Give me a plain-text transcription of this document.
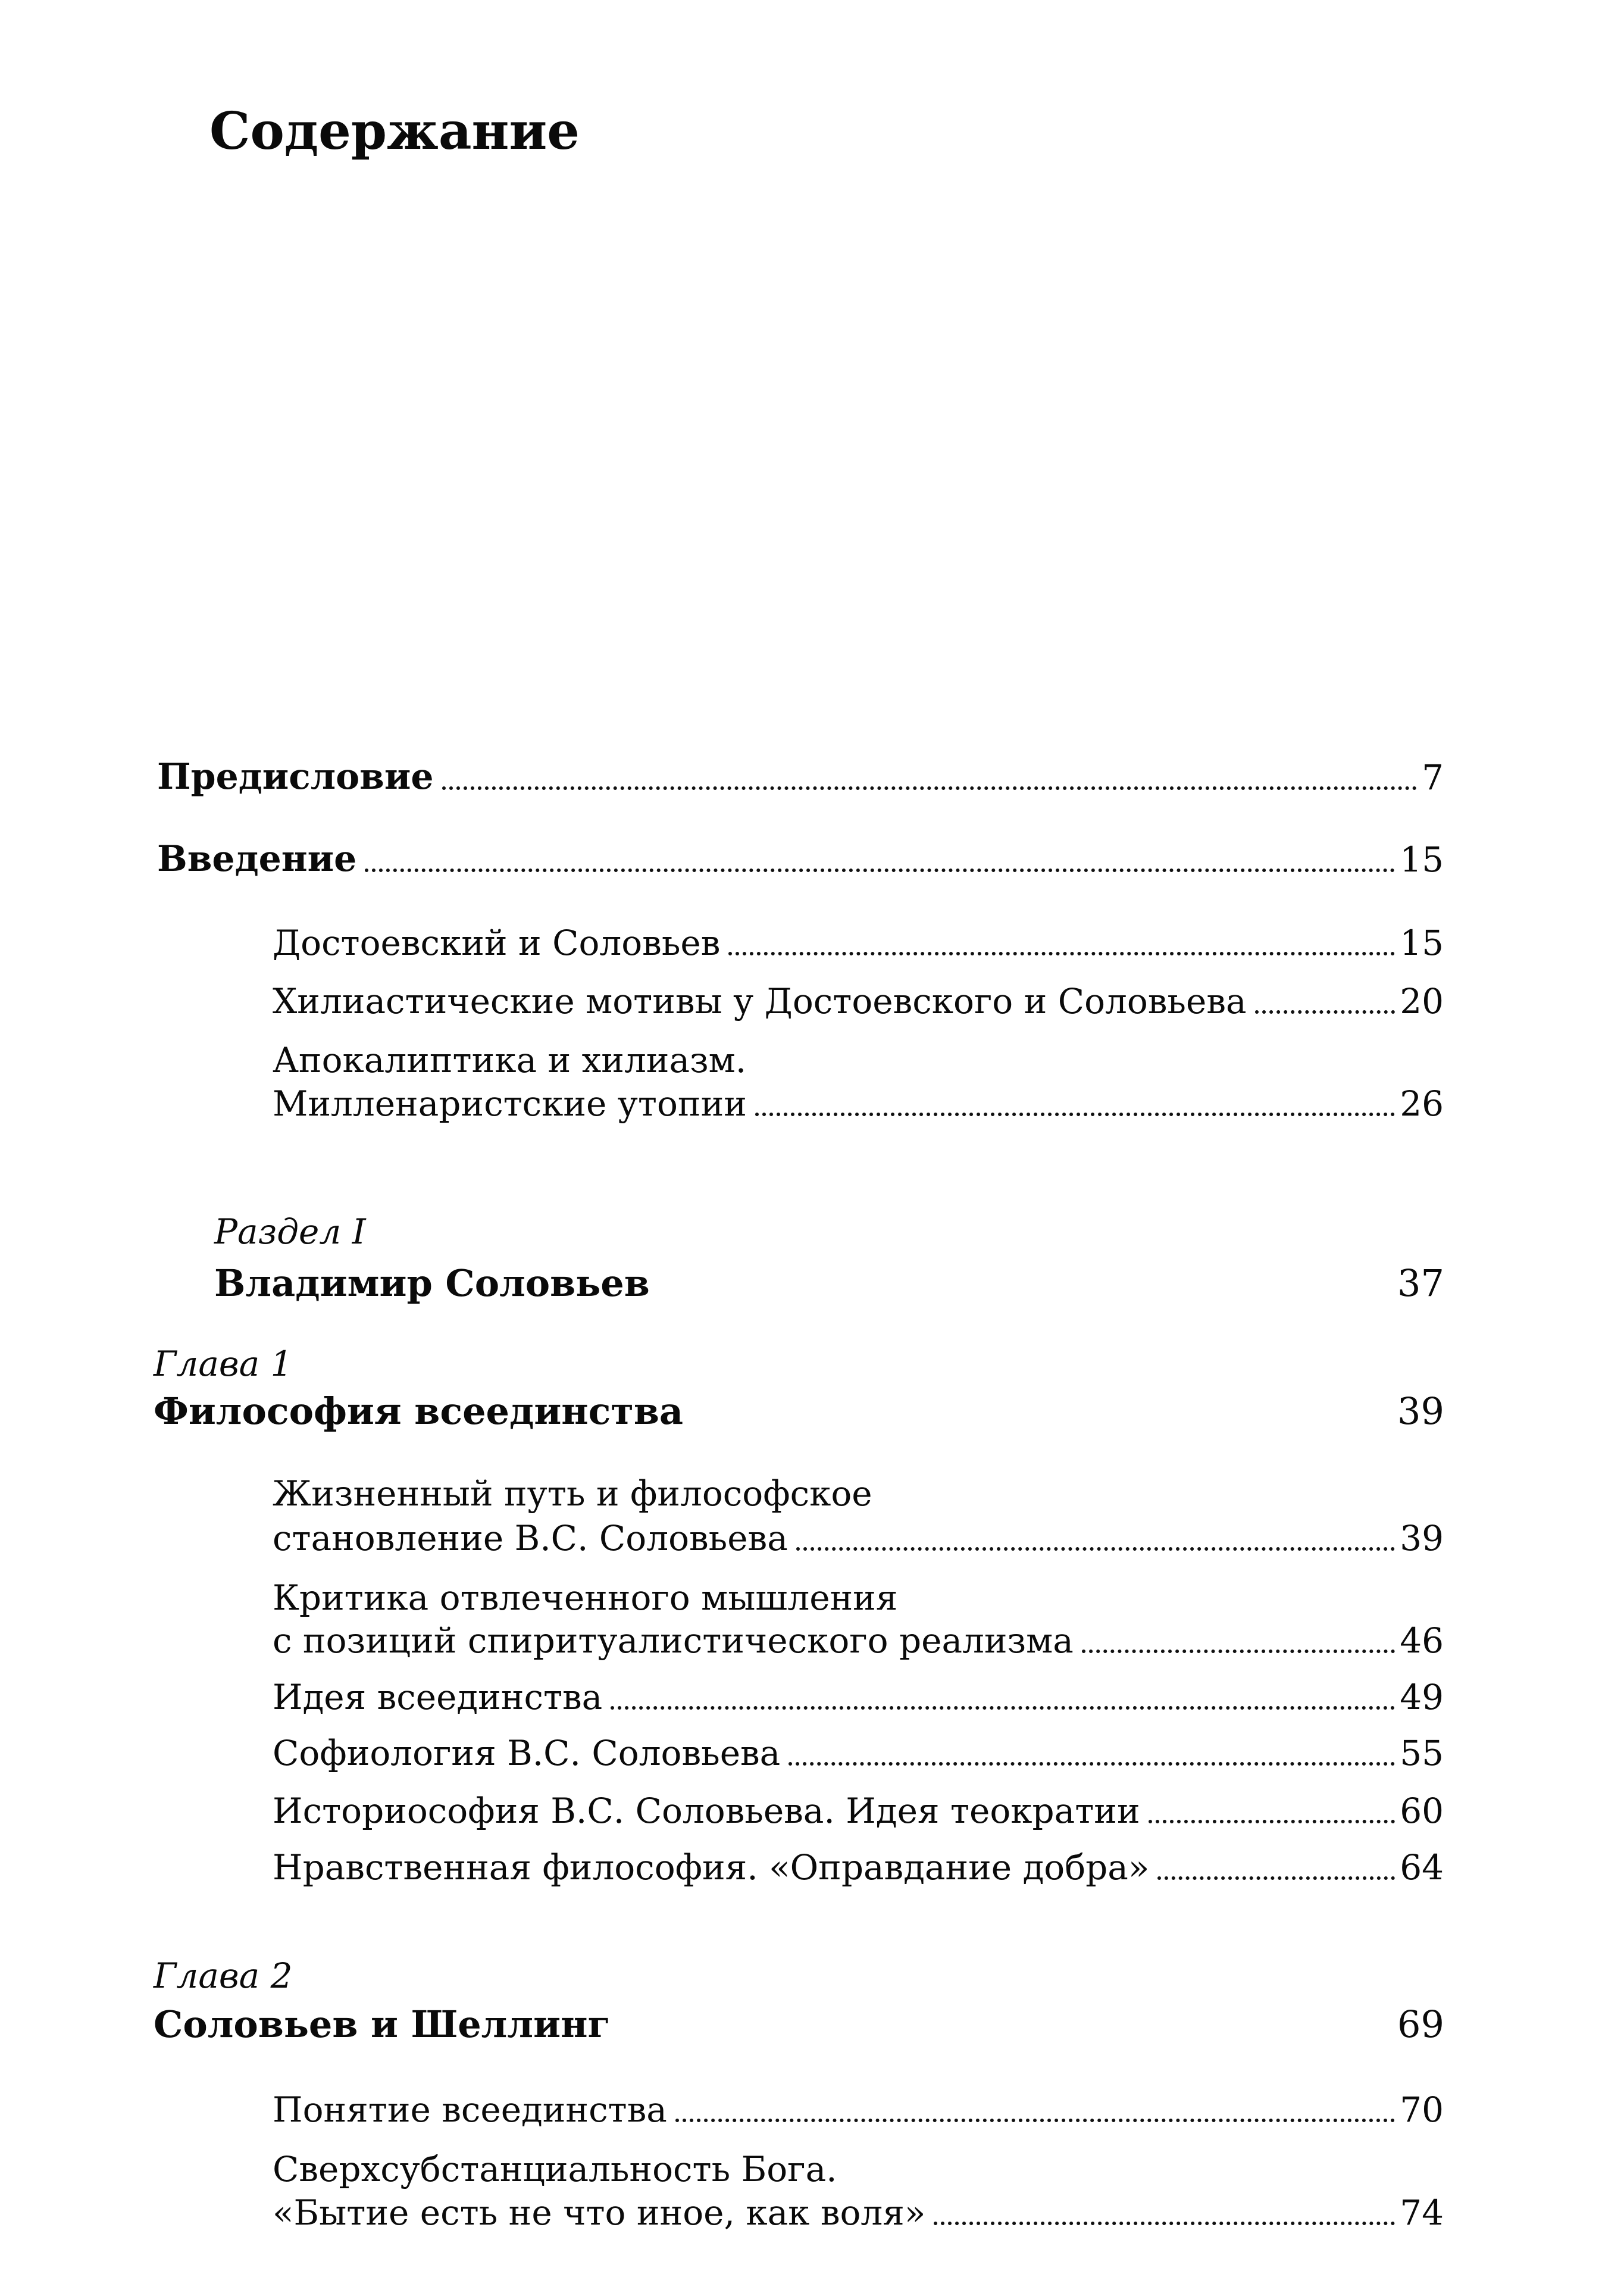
Содержание
Предисловие	7
Введение	15
Достоевский и Соловьев	15
Хилиастические мотивы у Достоевского и Соловьева	20
Апокалиптика и хилиазм.
Милленаристские утопии	26
Раздел I
Владимир Соловьев	37
Глава 1
Философия всеединства	39
Жизненный путь и философское
становление В.С. Соловьева	39
Критика отвлеченного мышления
с позиций спиритуалистического реализма	46
Идея всеединства	49
Софиология В.С. Соловьева	55
Историософия В.С. Соловьева. Идея теократии	60
Нравственная философия. «Оправдание добра»	64
Глава 2
Соловьев и Шеллинг	69
Понятие всеединства	70
Сверхсубстанциальность Бога.
«Бытие есть не что иное, как воля»	74
